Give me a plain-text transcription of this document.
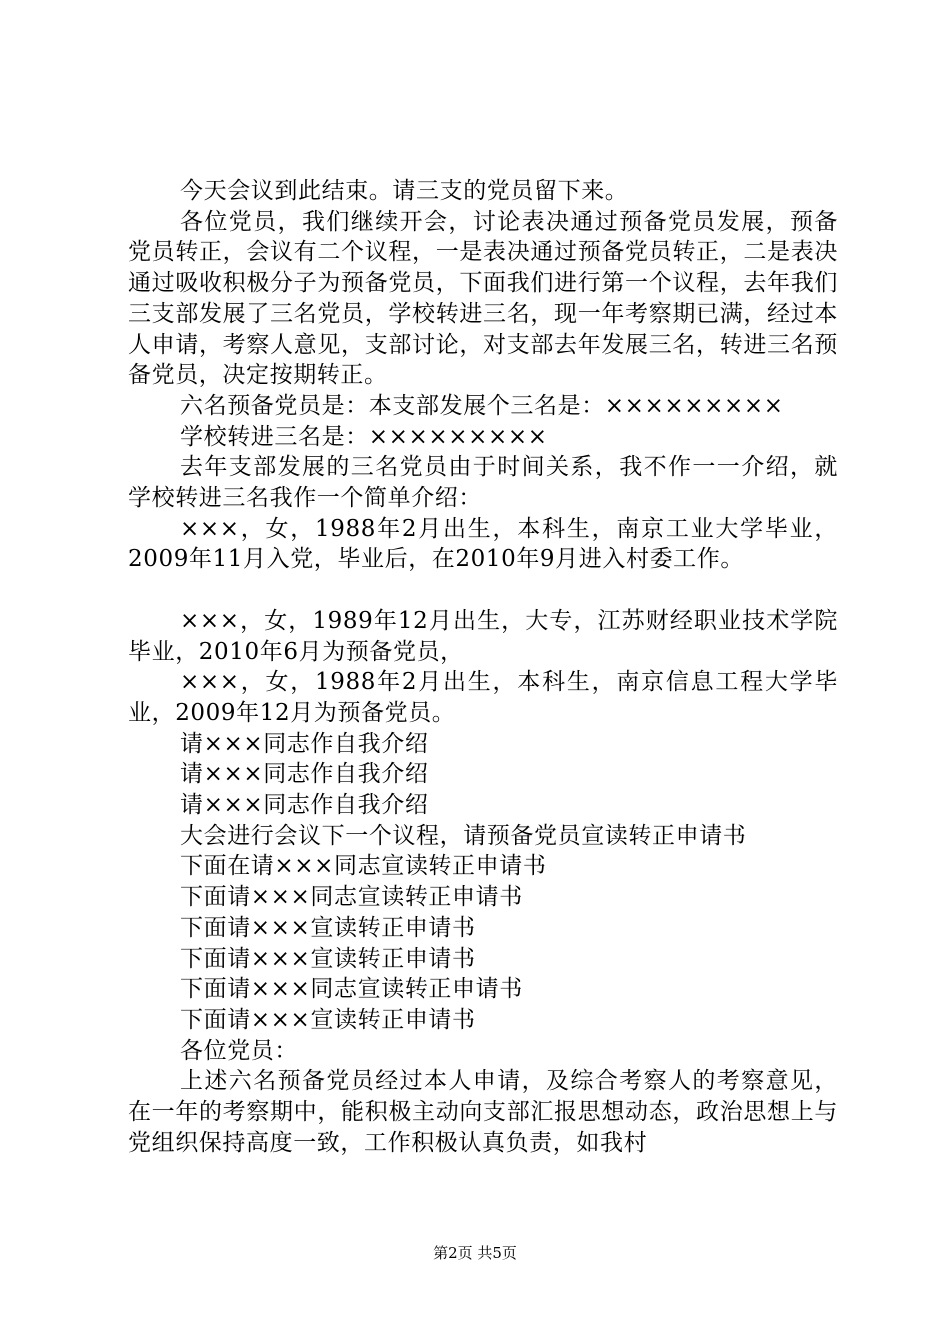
今天会议到此结束。请三支的党员留下来。

各位党员，我们继续开会，讨论表决通过预备党员发展，预备党员转正，会议有二个议程，一是表决通过预备党员转正，二是表决通过吸收积极分子为预备党员，下面我们进行第一个议程，去年我们三支部发展了三名党员，学校转进三名，现一年考察期已满，经过本人申请，考察人意见，支部讨论，对支部去年发展三名，转进三名预备党员，决定按期转正。

六名预备党员是：本支部发展个三名是：×××××××××

学校转进三名是：×××××××××

去年支部发展的三名党员由于时间关系，我不作一一介绍，就学校转进三名我作一个简单介绍：

×××，女，1988年2月出生，本科生，南京工业大学毕业，2009年11月入党，毕业后，在2010年9月进入村委工作。

×××，女，1989年12月出生，大专，江苏财经职业技术学院毕业，2010年6月为预备党员，

×××，女，1988年2月出生，本科生，南京信息工程大学毕业，2009年12月为预备党员。

请×××同志作自我介绍

请×××同志作自我介绍

请×××同志作自我介绍

大会进行会议下一个议程，请预备党员宣读转正申请书

下面在请×××同志宣读转正申请书

下面请×××同志宣读转正申请书

下面请×××宣读转正申请书

下面请×××宣读转正申请书

下面请×××同志宣读转正申请书

下面请×××宣读转正申请书

各位党员：

上述六名预备党员经过本人申请，及综合考察人的考察意见，在一年的考察期中，能积极主动向支部汇报思想动态，政治思想上与党组织保持高度一致，工作积极认真负责，如我村

第2页 共5页
